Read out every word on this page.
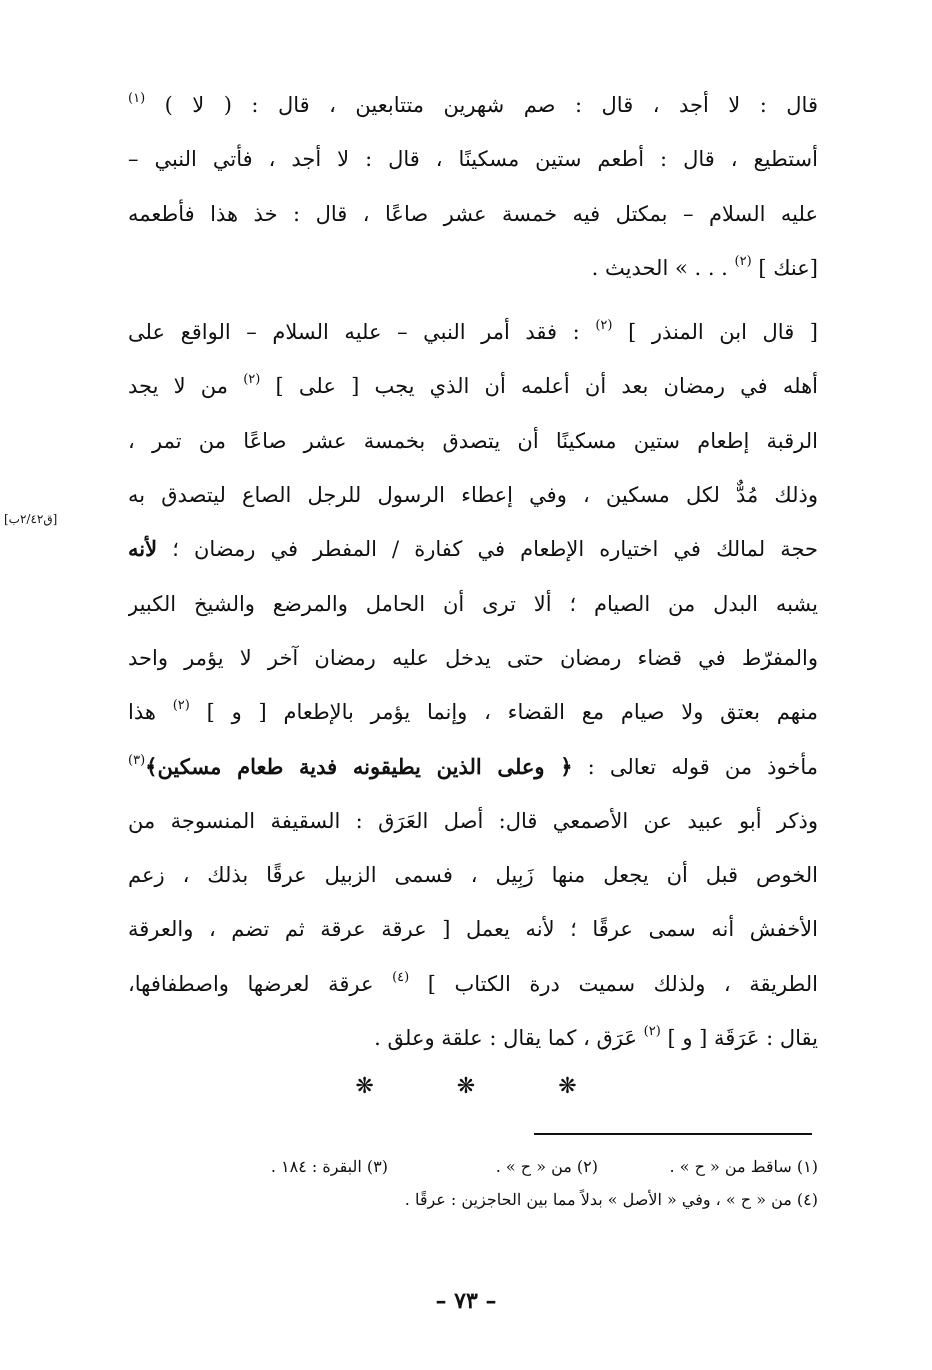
قال : لا أجد ، قال : صم شهرين متتابعين ، قال : ( لا ) $^{(١)}$
أستطيع ، قال : أطعم ستين مسكينًا ، قال : لا أجد ، فأتي النبي –
عليه السلام – بمكتل فيه خمسة عشر صاعًا ، قال : خذ هذا فأطعمه
[عنك ] $^{(٢)}$ . . . » الحديث .

[ قال ابن المنذر ] $^{(٢)}$ : فقد أمر النبي – عليه السلام – الواقع على
أهله في رمضان بعد أن أعلمه أن الذي يجب [ على ] $^{(٢)}$ من لا يجد
الرقبة إطعام ستين مسكينًا أن يتصدق بخمسة عشر صاعًا من تمر ،
وذلك مُدٌّ لكل مسكين ، وفي إعطاء الرسول للرجل الصاع ليتصدق به
حجة لمالك في اختياره الإطعام في كفارة / المفطر في رمضان ؛ لأنه
يشبه البدل من الصيام ؛ ألا ترى أن الحامل والمرضع والشيخ الكبير
والمفرّط في قضاء رمضان حتى يدخل عليه رمضان آخر لا يؤمر واحد
منهم بعتق ولا صيام مع القضاء ، وإنما يؤمر بالإطعام [ و ] $^{(٢)}$ هذا
مأخوذ من قوله تعالى : ﴿ وعلى الذين يطيقونه فدية طعام مسكين﴾$^{(٣)}$
وذكر أبو عبيد عن الأصمعي قال: أصل العَرَق : السقيفة المنسوجة من
الخوص قبل أن يجعل منها زَبِيل ، فسمى الزبيل عرقًا بذلك ، زعم
الأخفش أنه سمى عرقًا ؛ لأنه يعمل [ عرقة عرقة ثم تضم ، والعرقة
الطريقة ، ولذلك سميت درة الكتاب ] $^{(٤)}$ عرقة لعرضها واصطفافها،
يقال : عَرَقَة [ و ] $^{(٢)}$ عَرَق ، كما يقال : علقة وعلق .

[ق٢/٤٢ب]
❋	❋	❋
(١) ساقط من « ح » .
(٢) من « ح » .
(٣) البقرة : ١٨٤ .
(٤) من « ح » ، وفي « الأصل » بدلاً مما بين الحاجزين : عرقًا .
– ٧٣ –
